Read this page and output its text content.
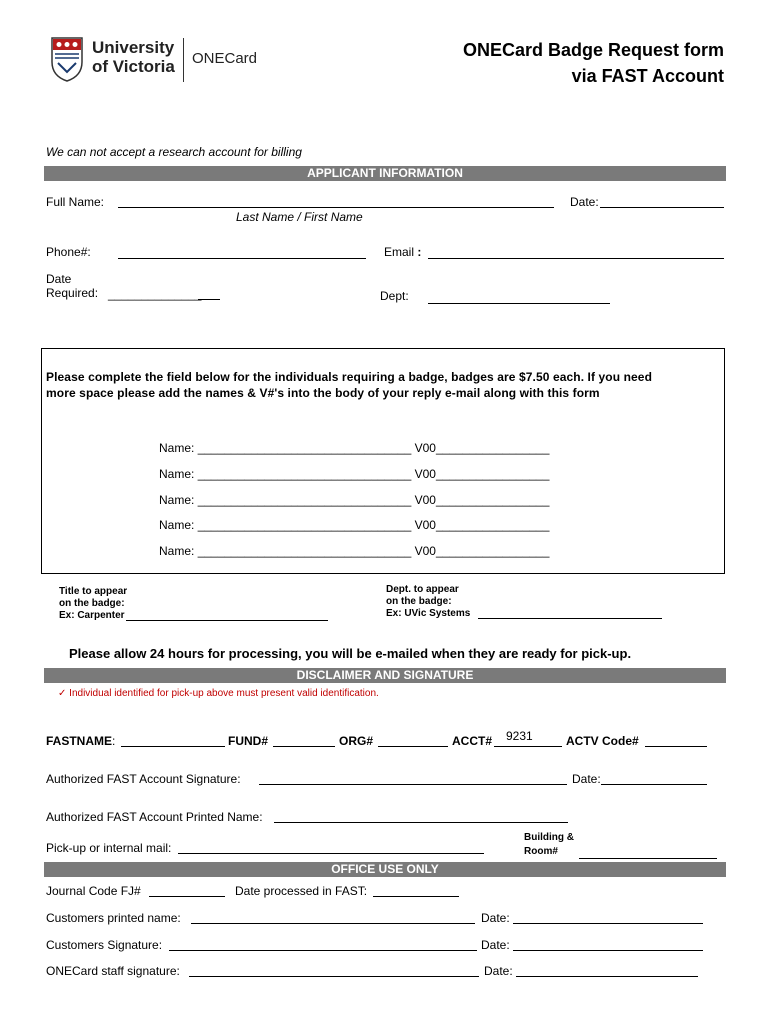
University
of Victoria ONECard	ONECard Badge Request form
via FAST Account
We can not accept a research account for billing
APPLICANT INFORMATION
Full Name:	Date:
Last Name / First Name
Phone#:	Email :
Date
Required: ______________	Dept:
Please complete the field below for the individuals requiring a badge, badges are $7.50 each. If you need
more space please add the names & V#'s into the body of your reply e-mail along with this form
Name: ________________________________ V00_________________
Name: ________________________________ V00_________________
Name: ________________________________ V00_________________
Name: ________________________________ V00_________________
Name: ________________________________ V00_________________
Title to appear
on the badge:
Ex: Carpenter
Dept. to appear
on the badge:
Ex: UVic Systems
Please allow 24 hours for processing, you will be e-mailed when they are ready for pick-up.
DISCLAIMER AND SIGNATURE
✓ Individual identified for pick-up above must present valid identification.
FASTNAME:	FUND#	ORG#	ACCT# 9231	ACTV Code#
Authorized FAST Account Signature:	Date:
Authorized FAST Account Printed Name:
Pick-up or internal mail:
Building &
Room#
OFFICE USE ONLY
Journal Code FJ#	Date processed in FAST:
Customers printed name:	Date:
Customers Signature:	Date:
ONECard staff signature:	Date:
